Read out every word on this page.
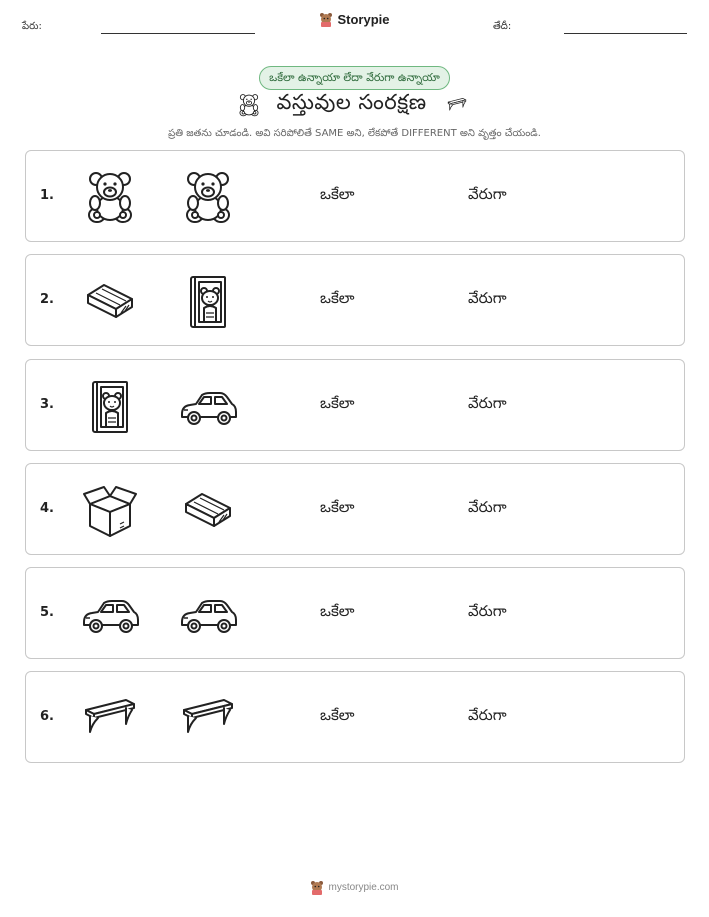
పేరు:	Storypie	తేదీ:
ఒకేలా ఉన్నాయా లేదా వేరుగా ఉన్నాయా
వస్తువుల సంరక్షణ
ప్రతి జతను చూడండి. అవి సరిపోలితే SAME అని, లేకపోతే DIFFERENT అని వృత్తం చేయండి.
1.	ఒకేలా	వేరుగా
2.	ఒకేలా	వేరుగా
3.	ఒకేలా	వేరుగా
4.	ఒకేలా	వేరుగా
5.	ఒకేలా	వేరుగా
6.	ఒకేలా	వేరుగా
mystorypie.com
